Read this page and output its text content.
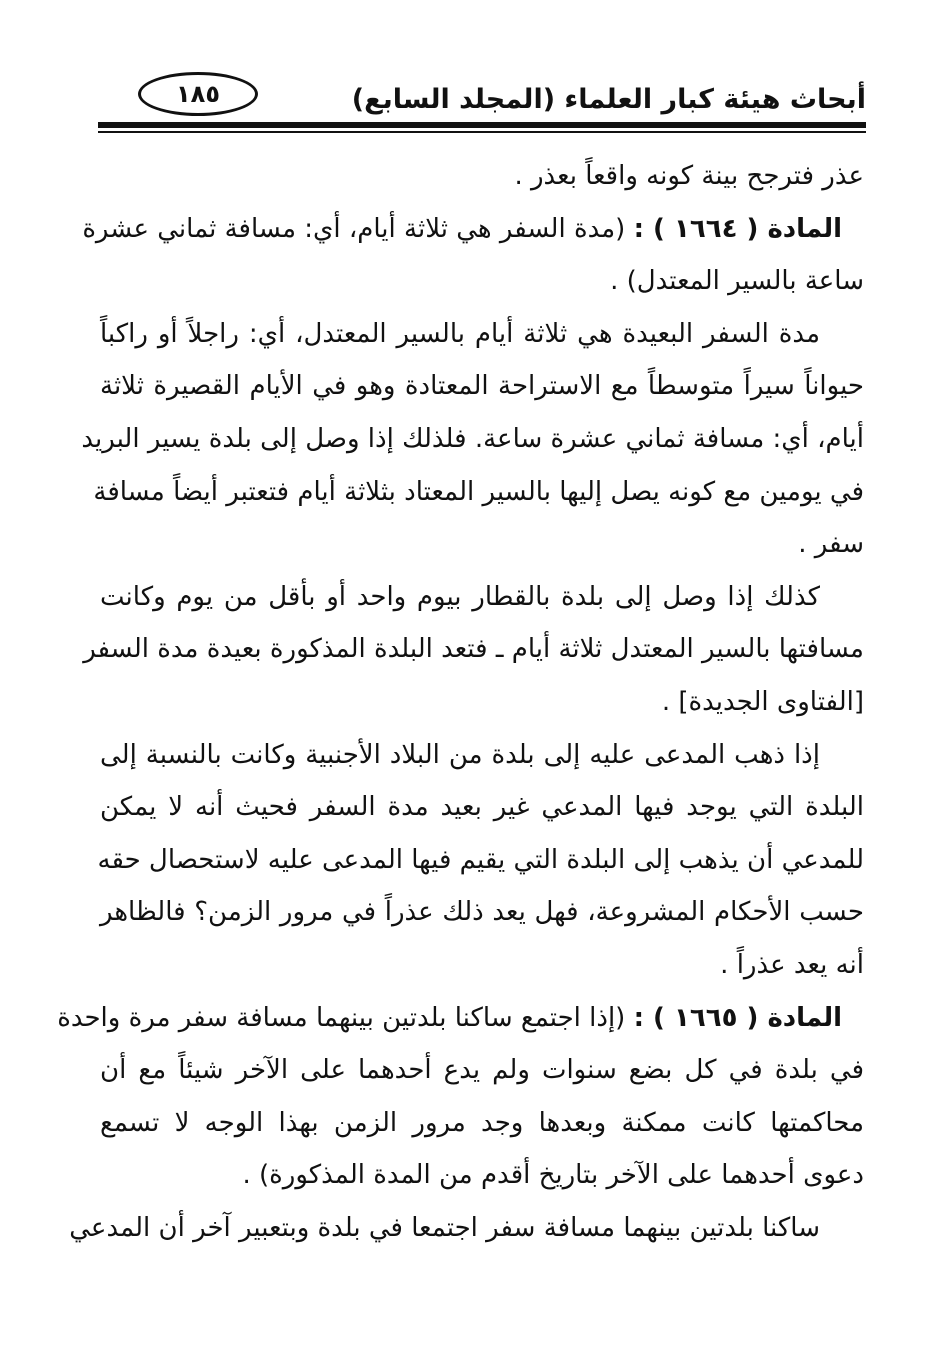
أبحاث هيئة كبار العلماء (المجلد السابع)
١٨٥
عذر فترجح بينة كونه واقعاً بعذر .
المادة ( ١٦٦٤ ) : (مدة السفر هي ثلاثة أيام، أي: مسافة ثماني عشرة
ساعة بالسير المعتدل) .
مدة السفر البعيدة هي ثلاثة أيام بالسير المعتدل، أي: راجلاً أو راكباً
حيواناً سيراً متوسطاً مع الاستراحة المعتادة وهو في الأيام القصيرة ثلاثة
أيام، أي: مسافة ثماني عشرة ساعة. فلذلك إذا وصل إلى بلدة يسير البريد
في يومين مع كونه يصل إليها بالسير المعتاد بثلاثة أيام فتعتبر أيضاً مسافة
سفر .
كذلك إذا وصل إلى بلدة بالقطار بيوم واحد أو بأقل من يوم وكانت
مسافتها بالسير المعتدل ثلاثة أيام ـ فتعد البلدة المذكورة بعيدة مدة السفر
[الفتاوى الجديدة] .
إذا ذهب المدعى عليه إلى بلدة من البلاد الأجنبية وكانت بالنسبة إلى
البلدة التي يوجد فيها المدعي غير بعيد مدة السفر فحيث أنه لا يمكن
للمدعي أن يذهب إلى البلدة التي يقيم فيها المدعى عليه لاستحصال حقه
حسب الأحكام المشروعة، فهل يعد ذلك عذراً في مرور الزمن؟ فالظاهر
أنه يعد عذراً .
المادة ( ١٦٦٥ ) : (إذا اجتمع ساكنا بلدتين بينهما مسافة سفر مرة واحدة
في بلدة في كل بضع سنوات ولم يدع أحدهما على الآخر شيئاً مع أن
محاكمتها كانت ممكنة وبعدها وجد مرور الزمن بهذا الوجه لا تسمع
دعوى أحدهما على الآخر بتاريخ أقدم من المدة المذكورة) .
ساكنا بلدتين بينهما مسافة سفر اجتمعا في بلدة وبتعبير آخر أن المدعي
